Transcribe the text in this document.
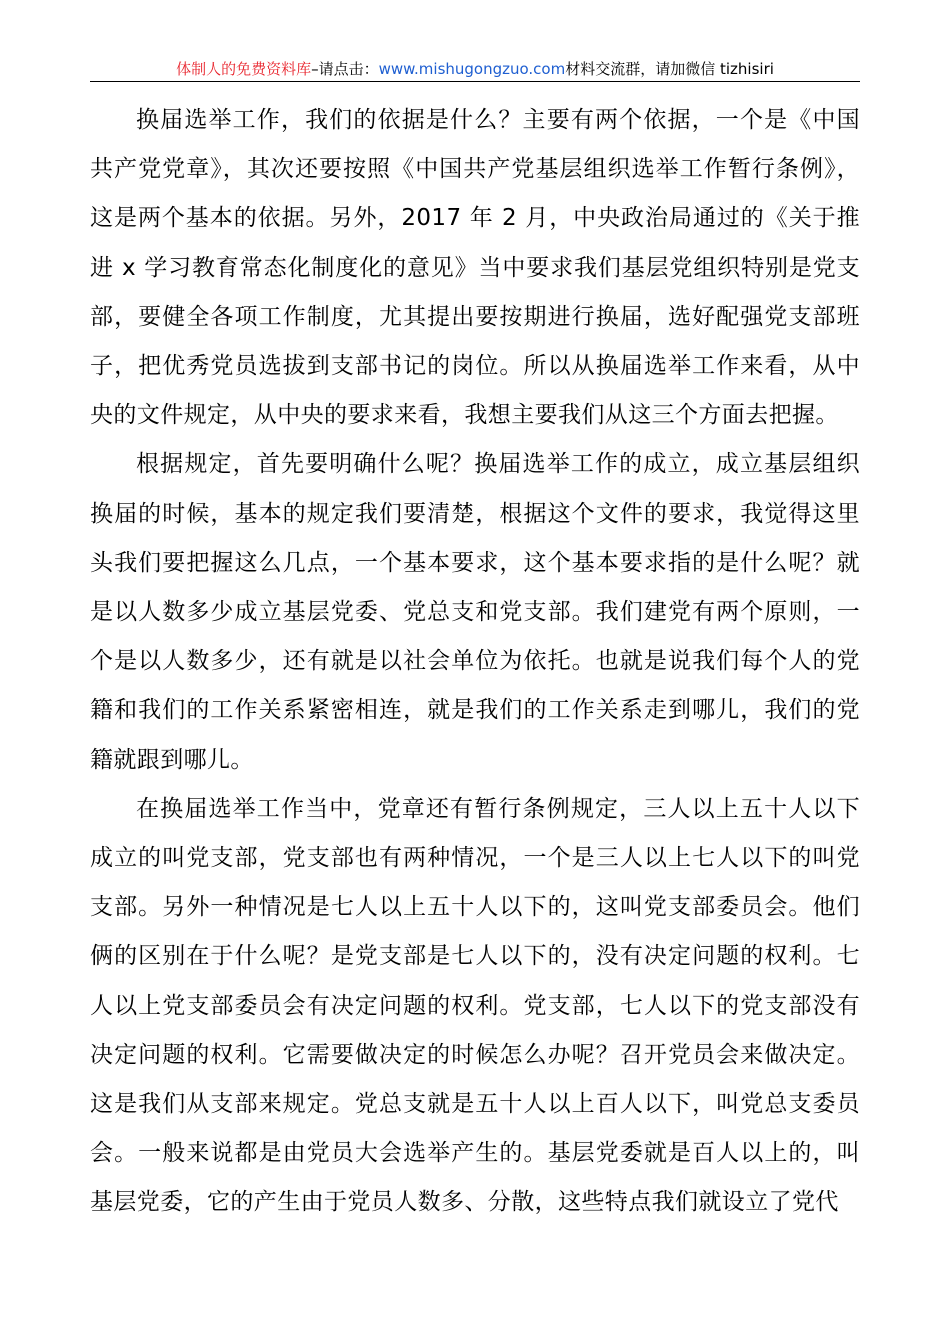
体制人的免费资料库–请点击：www.mishugongzuo.com材料交流群，请加微信 tizhisiri

换届选举工作，我们的依据是什么？主要有两个依据，一个是《中国共产党党章》，其次还要按照《中国共产党基层组织选举工作暂行条例》，这是两个基本的依据。另外，2017 年 2 月，中央政治局通过的《关于推进 x 学习教育常态化制度化的意见》当中要求我们基层党组织特别是党支部，要健全各项工作制度，尤其提出要按期进行换届，选好配强党支部班子，把优秀党员选拔到支部书记的岗位。所以从换届选举工作来看，从中央的文件规定，从中央的要求来看，我想主要我们从这三个方面去把握。

根据规定，首先要明确什么呢？换届选举工作的成立，成立基层组织换届的时候，基本的规定我们要清楚，根据这个文件的要求，我觉得这里头我们要把握这么几点，一个基本要求，这个基本要求指的是什么呢？就是以人数多少成立基层党委、党总支和党支部。我们建党有两个原则，一个是以人数多少，还有就是以社会单位为依托。也就是说我们每个人的党籍和我们的工作关系紧密相连，就是我们的工作关系走到哪儿，我们的党籍就跟到哪儿。

在换届选举工作当中，党章还有暂行条例规定，三人以上五十人以下成立的叫党支部，党支部也有两种情况，一个是三人以上七人以下的叫党支部。另外一种情况是七人以上五十人以下的，这叫党支部委员会。他们俩的区别在于什么呢？是党支部是七人以下的，没有决定问题的权利。七人以上党支部委员会有决定问题的权利。党支部，七人以下的党支部没有决定问题的权利。它需要做决定的时候怎么办呢？召开党员会来做决定。这是我们从支部来规定。党总支就是五十人以上百人以下，叫党总支委员会。一般来说都是由党员大会选举产生的。基层党委就是百人以上的，叫基层党委，它的产生由于党员人数多、分散，这些特点我们就设立了党代
